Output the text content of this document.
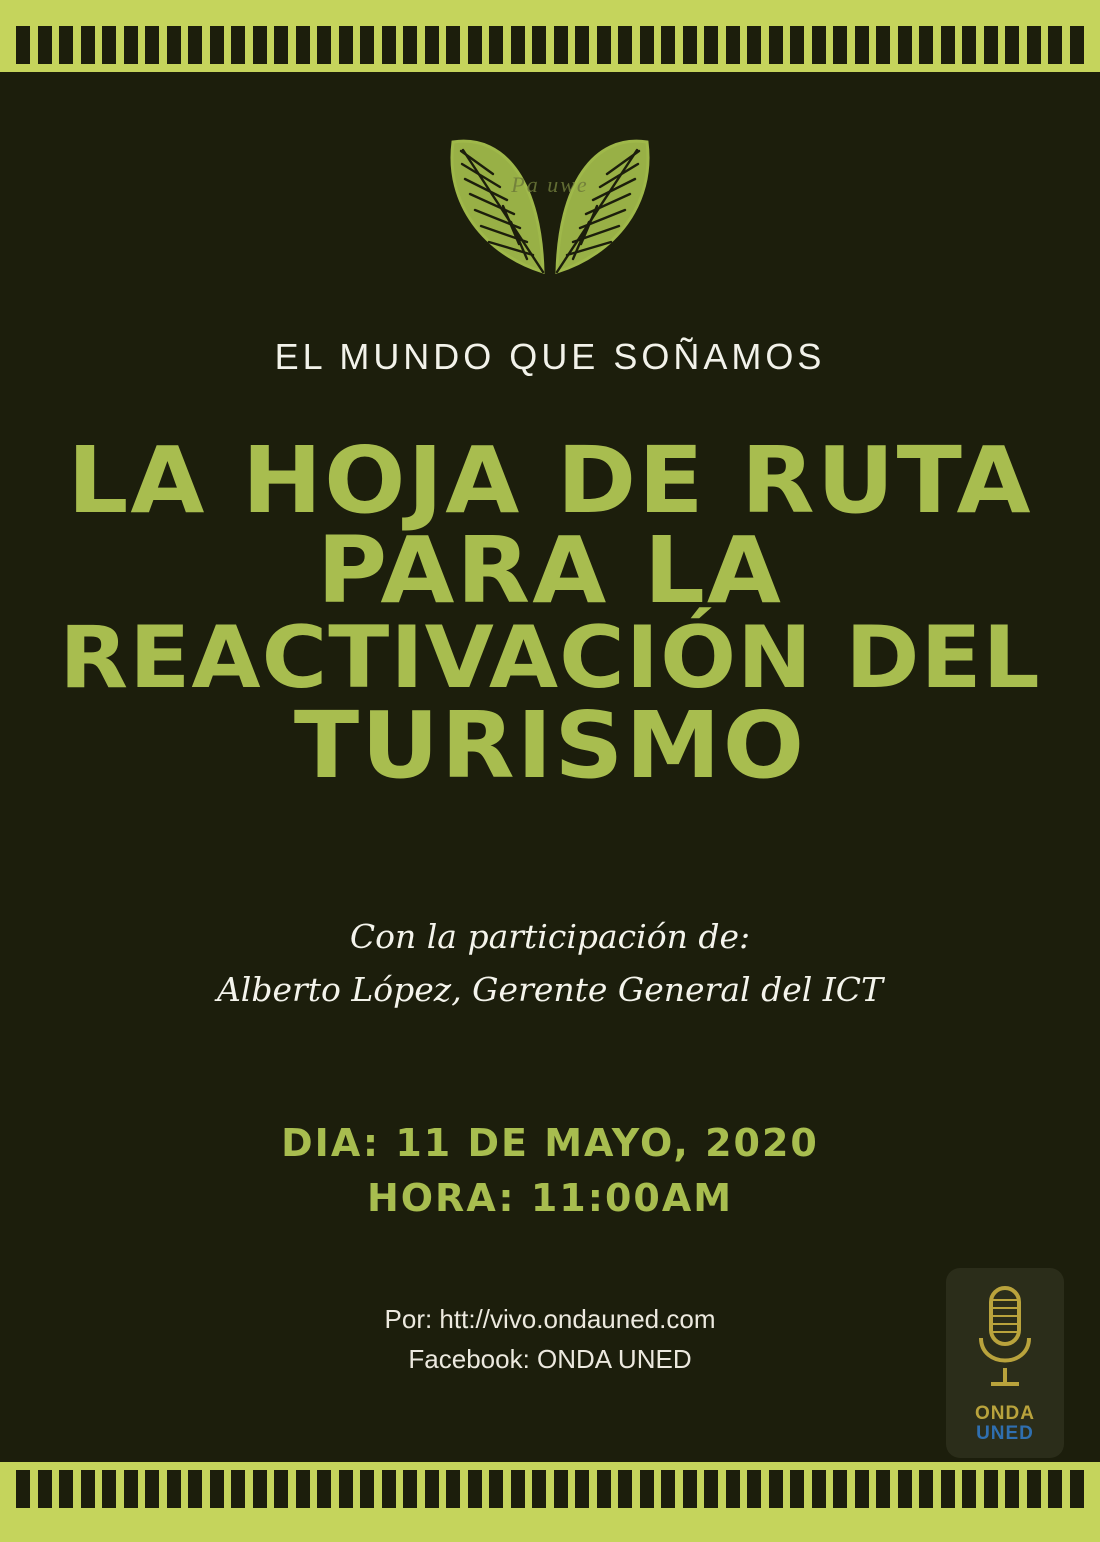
Pa uwe
EL MUNDO QUE SOÑAMOS
LA HOJA DE RUTA
PARA LA
REACTIVACIÓN DEL
TURISMO
Con la participación de:
Alberto López, Gerente General del ICT
DIA: 11 DE MAYO, 2020
HORA: 11:00AM
Por: htt://vivo.ondauned.com
Facebook: ONDA UNED
ONDA
UNED
